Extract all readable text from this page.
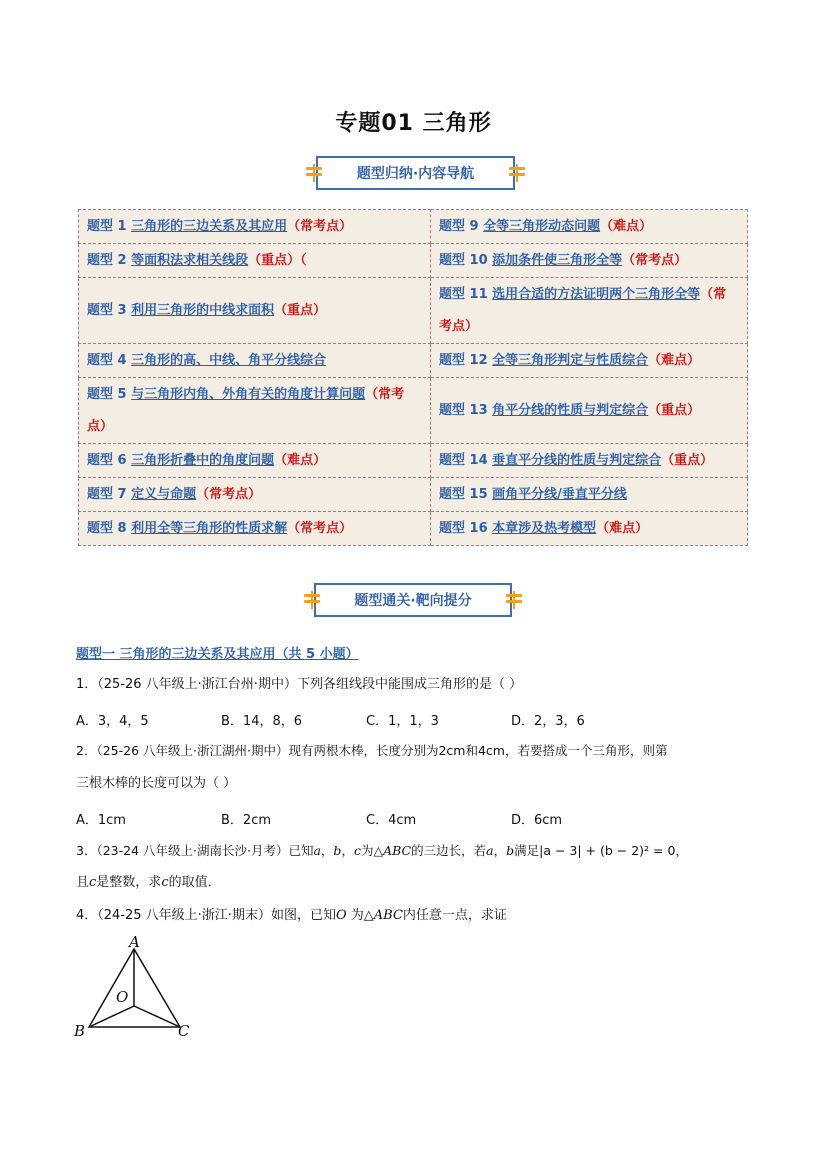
专题01 三角形
题型归纳·内容导航
题型 1 三角形的三边关系及其应用（常考点）	题型 9 全等三角形动态问题（难点）
题型 2 等面积法求相关线段（重点）（	题型 10 添加条件使三角形全等（常考点）
题型 3 利用三角形的中线求面积（重点）	题型 11 选用合适的方法证明两个三角形全等（常考点）
题型 4 三角形的高、中线、角平分线综合	题型 12 全等三角形判定与性质综合（难点）
题型 5 与三角形内角、外角有关的角度计算问题（常考点）	题型 13 角平分线的性质与判定综合（重点）
题型 6 三角形折叠中的角度问题（难点）	题型 14 垂直平分线的性质与判定综合（重点）
题型 7 定义与命题（常考点）	题型 15 画角平分线/垂直平分线
题型 8 利用全等三角形的性质求解（常考点）	题型 16 本章涉及热考模型（难点）
题型通关·靶向提分
题型一 三角形的三边关系及其应用（共 5 小题）
1．（25-26 八年级上·浙江台州·期中）下列各组线段中能围成三角形的是（ ）
A．3，4，5	B．14，8，6	C．1，1，3	D．2，3，6
2．（25-26 八年级上·浙江湖州·期中）现有两根木棒，长度分别为2cm和4cm，若要搭成一个三角形，则第
三根木棒的长度可以为（ ）
A．1cm	B．2cm	C．4cm	D．6cm
3．（23-24 八年级上·湖南长沙·月考）已知a，b，c为△ABC的三边长，若a，b满足|a − 3| + (b − 2)² = 0，
且c是整数，求c的取值．
4．（24-25 八年级上·浙江·期末）如图，已知O 为△ABC内任意一点，求证
A
B	C
O
